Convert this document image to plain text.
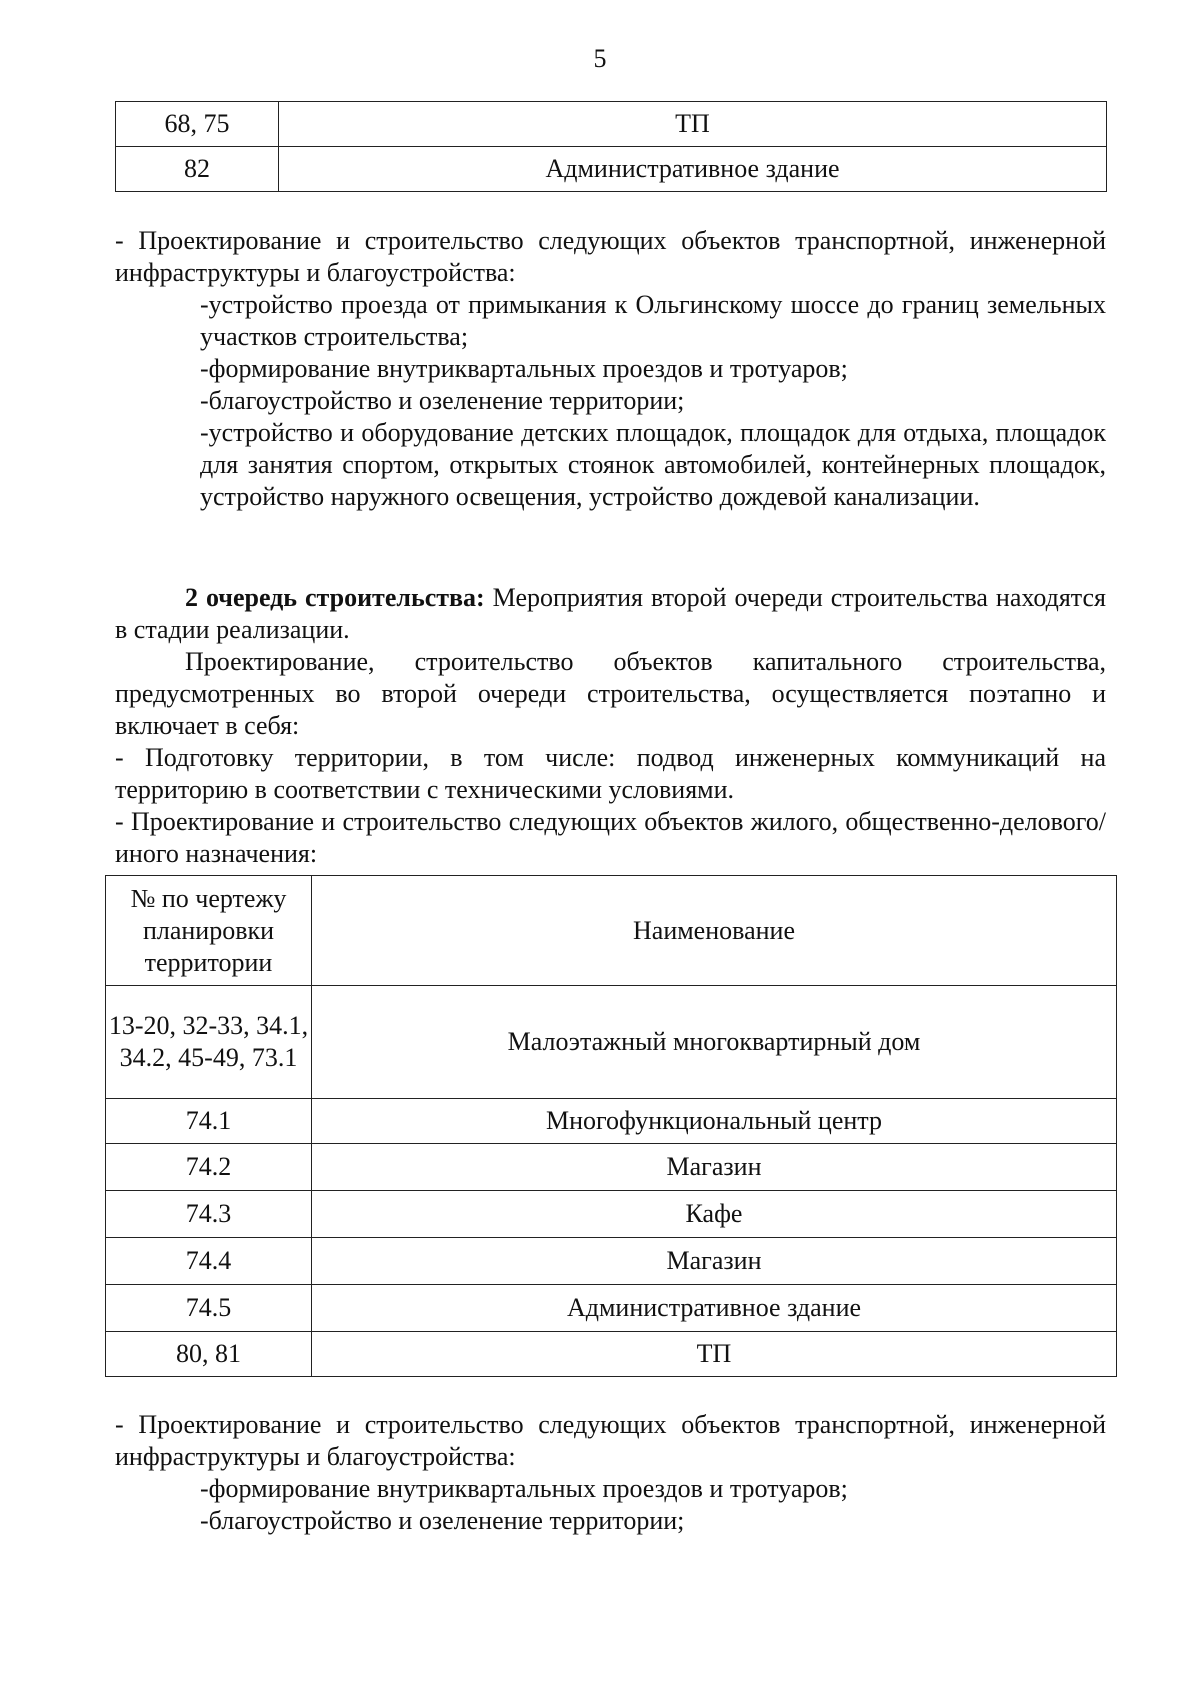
5
68, 75	ТП
82	Административное здание

- Проектирование и строительство следующих объектов транспортной, инженерной инфраструктуры и благоустройства:

-устройство проезда от примыкания к Ольгинскому шоссе до границ земельных участков строительства;

-формирование внутриквартальных проездов и тротуаров;

-благоустройство и озеленение территории;

-устройство и оборудование детских площадок, площадок для отдыха, площадок для занятия спортом, открытых стоянок автомобилей, контейнерных площадок, устройство наружного освещения, устройство дождевой канализации.

2 очередь строительства: Мероприятия второй очереди строительства находятся в стадии реализации.

Проектирование, строительство объектов капитального строительства, предусмотренных во второй очереди строительства, осуществляется поэтапно и включает в себя:

- Подготовку территории, в том числе: подвод инженерных коммуникаций на территорию в соответствии с техническими условиями.

- Проектирование и строительство следующих объектов жилого, общественно-делового/иного назначения:

№ по чертежу планировки территории	Наименование
13-20, 32-33, 34.1, 34.2, 45-49, 73.1	Малоэтажный многоквартирный дом
74.1	Многофункциональный центр
74.2	Магазин
74.3	Кафе
74.4	Магазин
74.5	Административное здание
80, 81	ТП

- Проектирование и строительство следующих объектов транспортной, инженерной инфраструктуры и благоустройства:

-формирование внутриквартальных проездов и тротуаров;

-благоустройство и озеленение территории;
